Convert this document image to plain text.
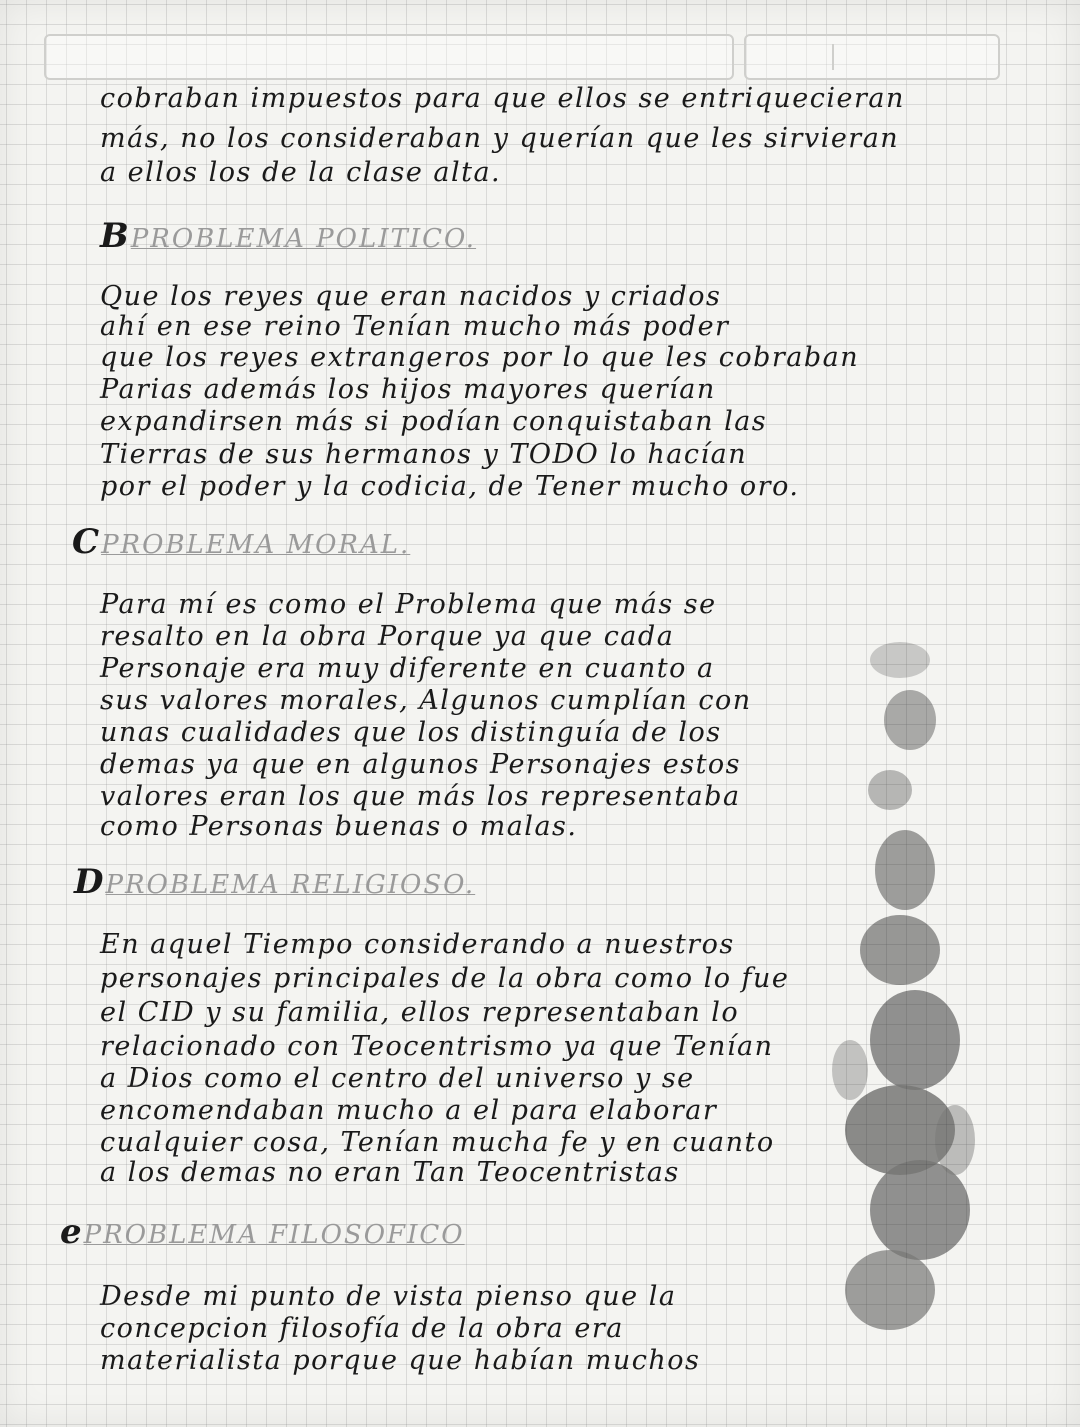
cobraban impuestos para que ellos se entriquecieran
más, no los consideraban y querían que les sirvieran
a ellos los de la clase alta.
BPROBLEMA POLITICO.
Que los reyes que eran nacidos y criados
ahí en ese reino Tenían mucho más poder
que los reyes extrangeros por lo que les cobraban
Parias además los hijos mayores querían
expandirsen más si podían conquistaban las
Tierras de sus hermanos y TODO lo hacían
por el poder y la codicia, de Tener mucho oro.
CPROBLEMA MORAL.
Para mí es como el Problema que más se
resalto en la obra Porque ya que cada
Personaje era muy diferente en cuanto a
sus valores morales, Algunos cumplían con
unas cualidades que los distinguía de los
demas ya que en algunos Personajes estos
valores eran los que más los representaba
como Personas buenas o malas.
DPROBLEMA RELIGIOSO.
En aquel Tiempo considerando a nuestros
personajes principales de la obra como lo fue
el CID y su familia, ellos representaban lo
relacionado con Teocentrismo ya que Tenían
a Dios como el centro del universo y se
encomendaban mucho a el para elaborar
cualquier cosa, Tenían mucha fe y en cuanto
a los demas no eran Tan Teocentristas
ePROBLEMA FILOSOFICO
Desde mi punto de vista pienso que la
concepcion filosofía de la obra era
materialista porque que habían muchos
